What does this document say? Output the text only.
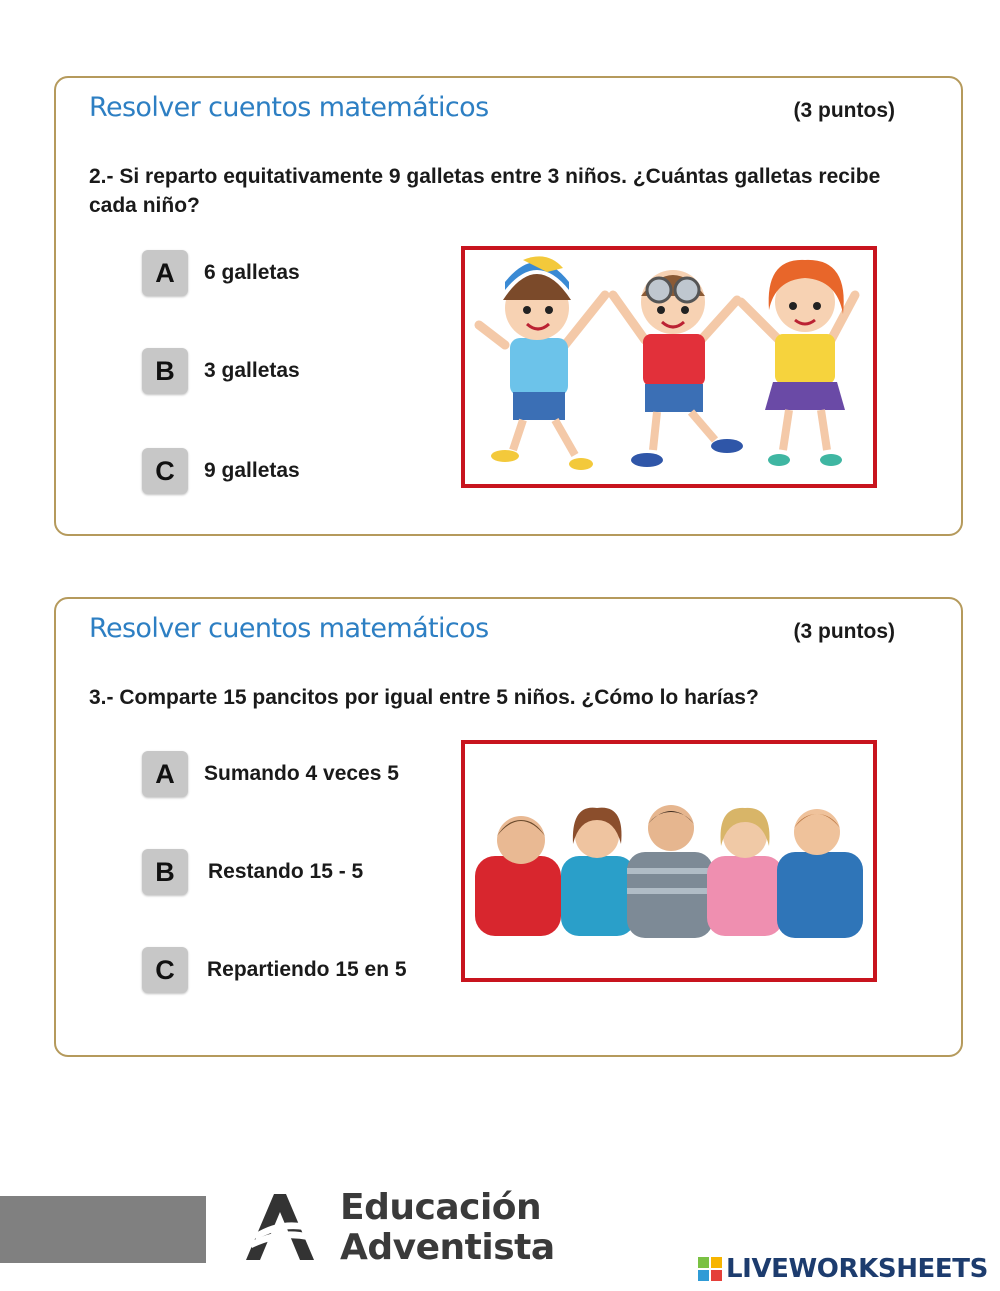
Resolver cuentos matemáticos	(3 puntos)
2.- Si reparto equitativamente 9 galletas entre 3 niños. ¿Cuántas galletas recibe cada niño?
A	6 galletas
B	3 galletas
C	9 galletas
Resolver cuentos matemáticos	(3 puntos)
3.- Comparte 15 pancitos por igual entre 5 niños. ¿Cómo lo harías?
A	Sumando 4 veces 5
B	Restando 15 - 5
C	Repartiendo 15 en 5
Educación
Adventista
LIVEWORKSHEETS
